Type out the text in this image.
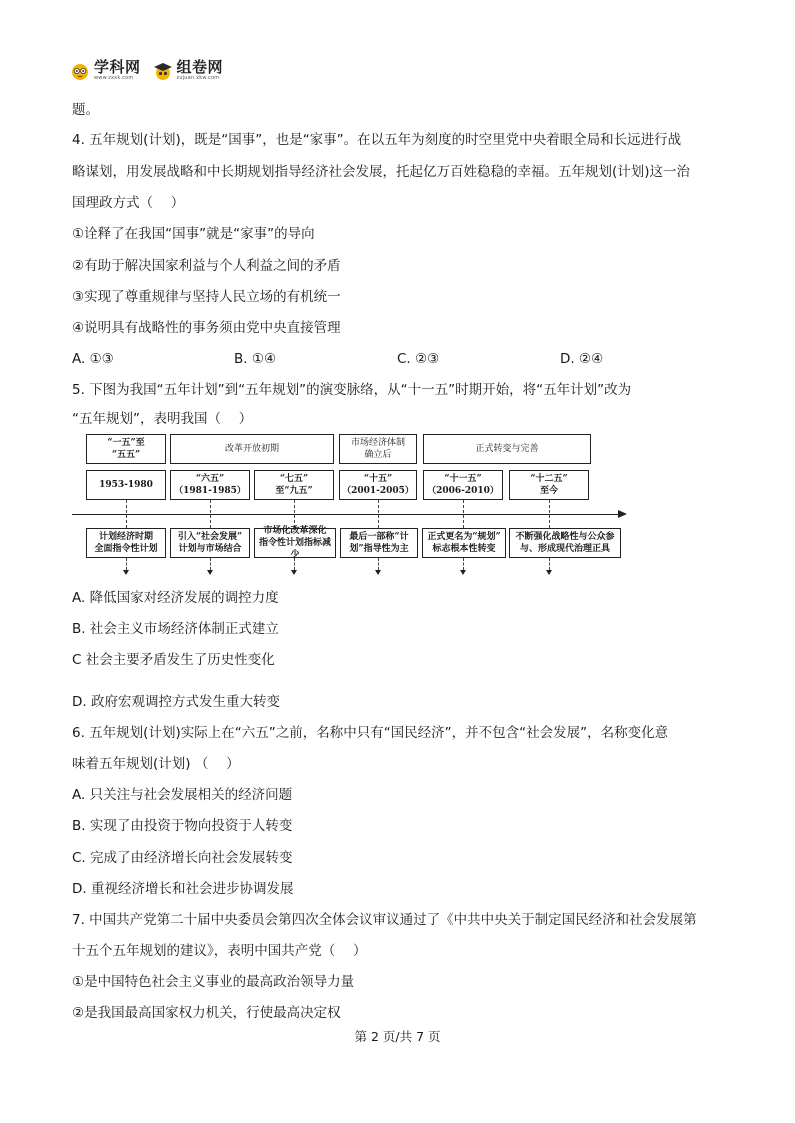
学科网
www.zxxk.com
组卷网
zujuan.xkw.com
题。
4. 五年规划(计划)，既是“国事”，也是“家事”。在以五年为刻度的时空里党中央着眼全局和长远进行战
略谋划，用发展战略和中长期规划指导经济社会发展，托起亿万百姓稳稳的幸福。五年规划(计划)这一治
国理政方式（　 ）
①诠释了在我国“国事”就是“家事”的导向
②有助于解决国家利益与个人利益之间的矛盾
③实现了尊重规律与坚持人民立场的有机统一
④说明具有战略性的事务须由党中央直接管理
A. ①③	B. ①④	C. ②③	D. ②④
5. 下图为我国“五年计划”到“五年规划”的演变脉络，从“十一五”时期开始，将“五年计划”改为
“五年规划”，表明我国（　 ）
“一五”至
“五五”
改革开放初期
市场经济体制
确立后
正式转变与完善
1953-1980
“六五”
（1981-1985）
“七五”
至“九五”
“十五”
（2001-2005）
“十一五”
（2006-2010）
“十二五”
至今
计划经济时期
全面指令性计划
引入“社会发展”
计划与市场结合
市场化改革深化
指令性计划指标减少
最后一部称“计
划”指导性为主
正式更名为“规划”
标志根本性转变
不断强化战略性与公众参
与、形成现代治理正具
A. 降低国家对经济发展的调控力度
B. 社会主义市场经济体制正式建立
C 社会主要矛盾发生了历史性变化
D. 政府宏观调控方式发生重大转变
6. 五年规划(计划)实际上在“六五”之前，名称中只有“国民经济”，并不包含“社会发展”，名称变化意
味着五年规划(计划) （　 ）
A. 只关注与社会发展相关的经济问题
B. 实现了由投资于物向投资于人转变
C. 完成了由经济增长向社会发展转变
D. 重视经济增长和社会进步协调发展
7. 中国共产党第二十届中央委员会第四次全体会议审议通过了《中共中央关于制定国民经济和社会发展第
十五个五年规划的建议》，表明中国共产党（　 ）
①是中国特色社会主义事业的最高政治领导力量
②是我国最高国家权力机关，行使最高决定权
第 2 页/共 7 页
